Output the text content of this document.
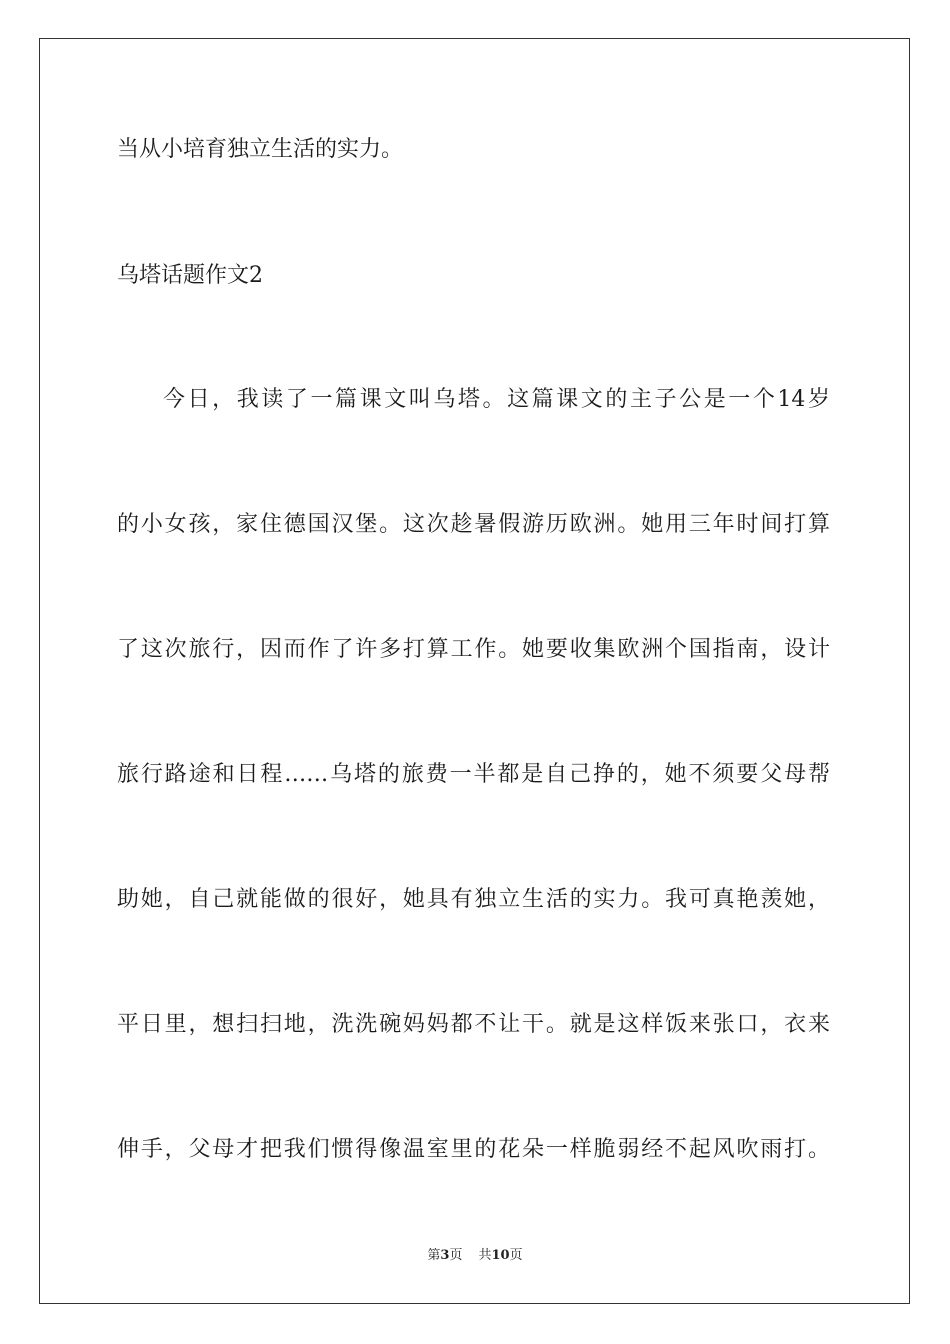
当从小培育独立生活的实力。
乌塔话题作文2
今日，我读了一篇课文叫乌塔。这篇课文的主子公是一个14岁
的小女孩，家住德国汉堡。这次趁暑假游历欧洲。她用三年时间打算
了这次旅行，因而作了许多打算工作。她要收集欧洲个国指南，设计
旅行路途和日程……乌塔的旅费一半都是自己挣的，她不须要父母帮
助她，自己就能做的很好，她具有独立生活的实力。我可真艳羡她，
平日里，想扫扫地，洗洗碗妈妈都不让干。就是这样饭来张口，衣来
伸手，父母才把我们惯得像温室里的花朵一样脆弱经不起风吹雨打。
第3页 共10页
